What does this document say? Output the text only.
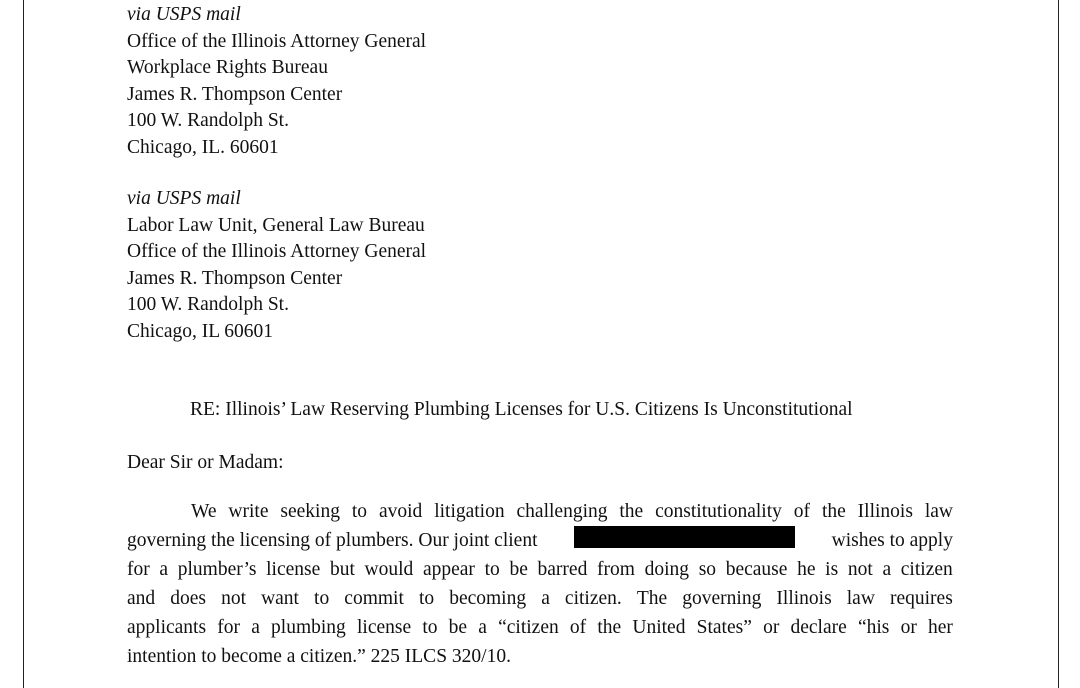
via USPS mail
Office of the Illinois Attorney General
Workplace Rights Bureau
James R. Thompson Center
100 W. Randolph St.
Chicago, IL. 60601
via USPS mail
Labor Law Unit, General Law Bureau
Office of the Illinois Attorney General
James R. Thompson Center
100 W. Randolph St.
Chicago, IL 60601
RE: Illinois’ Law Reserving Plumbing Licenses for U.S. Citizens Is Unconstitutional
Dear Sir or Madam:
We write seeking to avoid litigation challenging the constitutionality of the Illinois law
governing the licensing of plumbers. Our joint client	wishes to apply
for a plumber’s license but would appear to be barred from doing so because he is not a citizen
and does not want to commit to becoming a citizen. The governing Illinois law requires
applicants for a plumbing license to be a “citizen of the United States” or declare “his or her
intention to become a citizen.” 225 ILCS 320/10.
